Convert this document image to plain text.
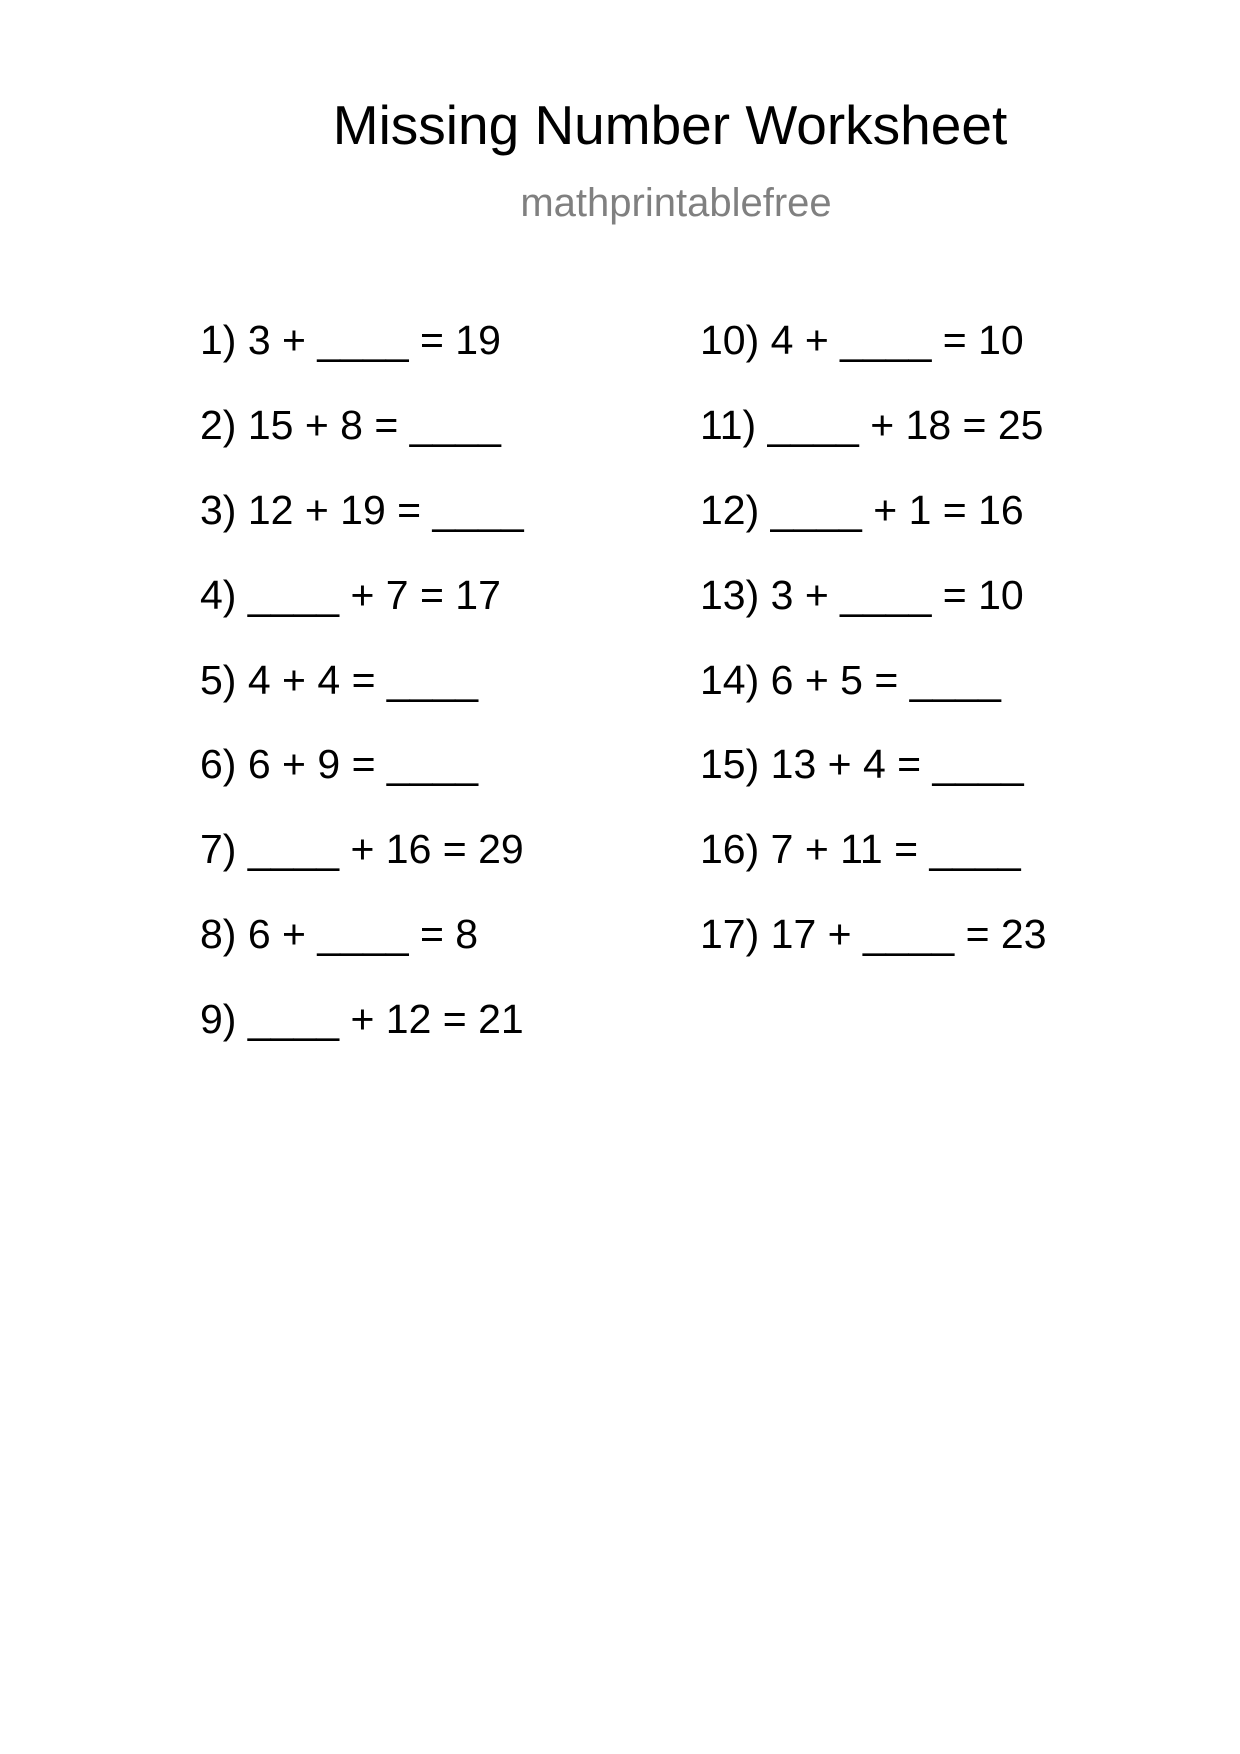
Missing Number Worksheet
mathprintablefree
1) 3 + ____ = 19
2) 15 + 8 = ____
3) 12 + 19 = ____
4) ____ + 7 = 17
5) 4 + 4 = ____
6) 6 + 9 = ____
7) ____ + 16 = 29
8) 6 + ____ = 8
9) ____ + 12 = 21
10) 4 + ____ = 10
11) ____ + 18 = 25
12) ____ + 1 = 16
13) 3 + ____ = 10
14) 6 + 5 = ____
15) 13 + 4 = ____
16) 7 + 11 = ____
17) 17 + ____ = 23
